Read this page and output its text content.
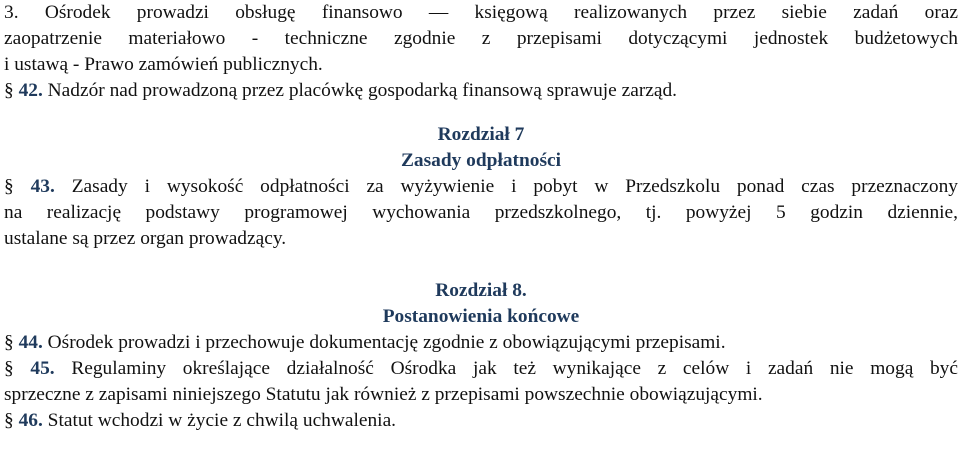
3. Ośrodek prowadzi obsługę finansowo — księgową realizowanych przez siebie zadań oraz

zaopatrzenie materiałowo - techniczne zgodnie z przepisami dotyczącymi jednostek budżetowych

i ustawą - Prawo zamówień publicznych.

§ 42. Nadzór nad prowadzoną przez placówkę gospodarką finansową sprawuje zarząd.

Rozdział 7

Zasady odpłatności

§ 43. Zasady i wysokość odpłatności za wyżywienie i pobyt w Przedszkolu ponad czas przeznaczony

na realizację podstawy programowej wychowania przedszkolnego, tj. powyżej 5 godzin dziennie,

ustalane są przez organ prowadzący.

Rozdział 8.

Postanowienia końcowe

§ 44. Ośrodek prowadzi i przechowuje dokumentację zgodnie z obowiązującymi przepisami.

§ 45. Regulaminy określające działalność Ośrodka jak też wynikające z celów i zadań nie mogą być

sprzeczne z zapisami niniejszego Statutu jak również z przepisami powszechnie obowiązującymi.

§ 46. Statut wchodzi w życie z chwilą uchwalenia.
